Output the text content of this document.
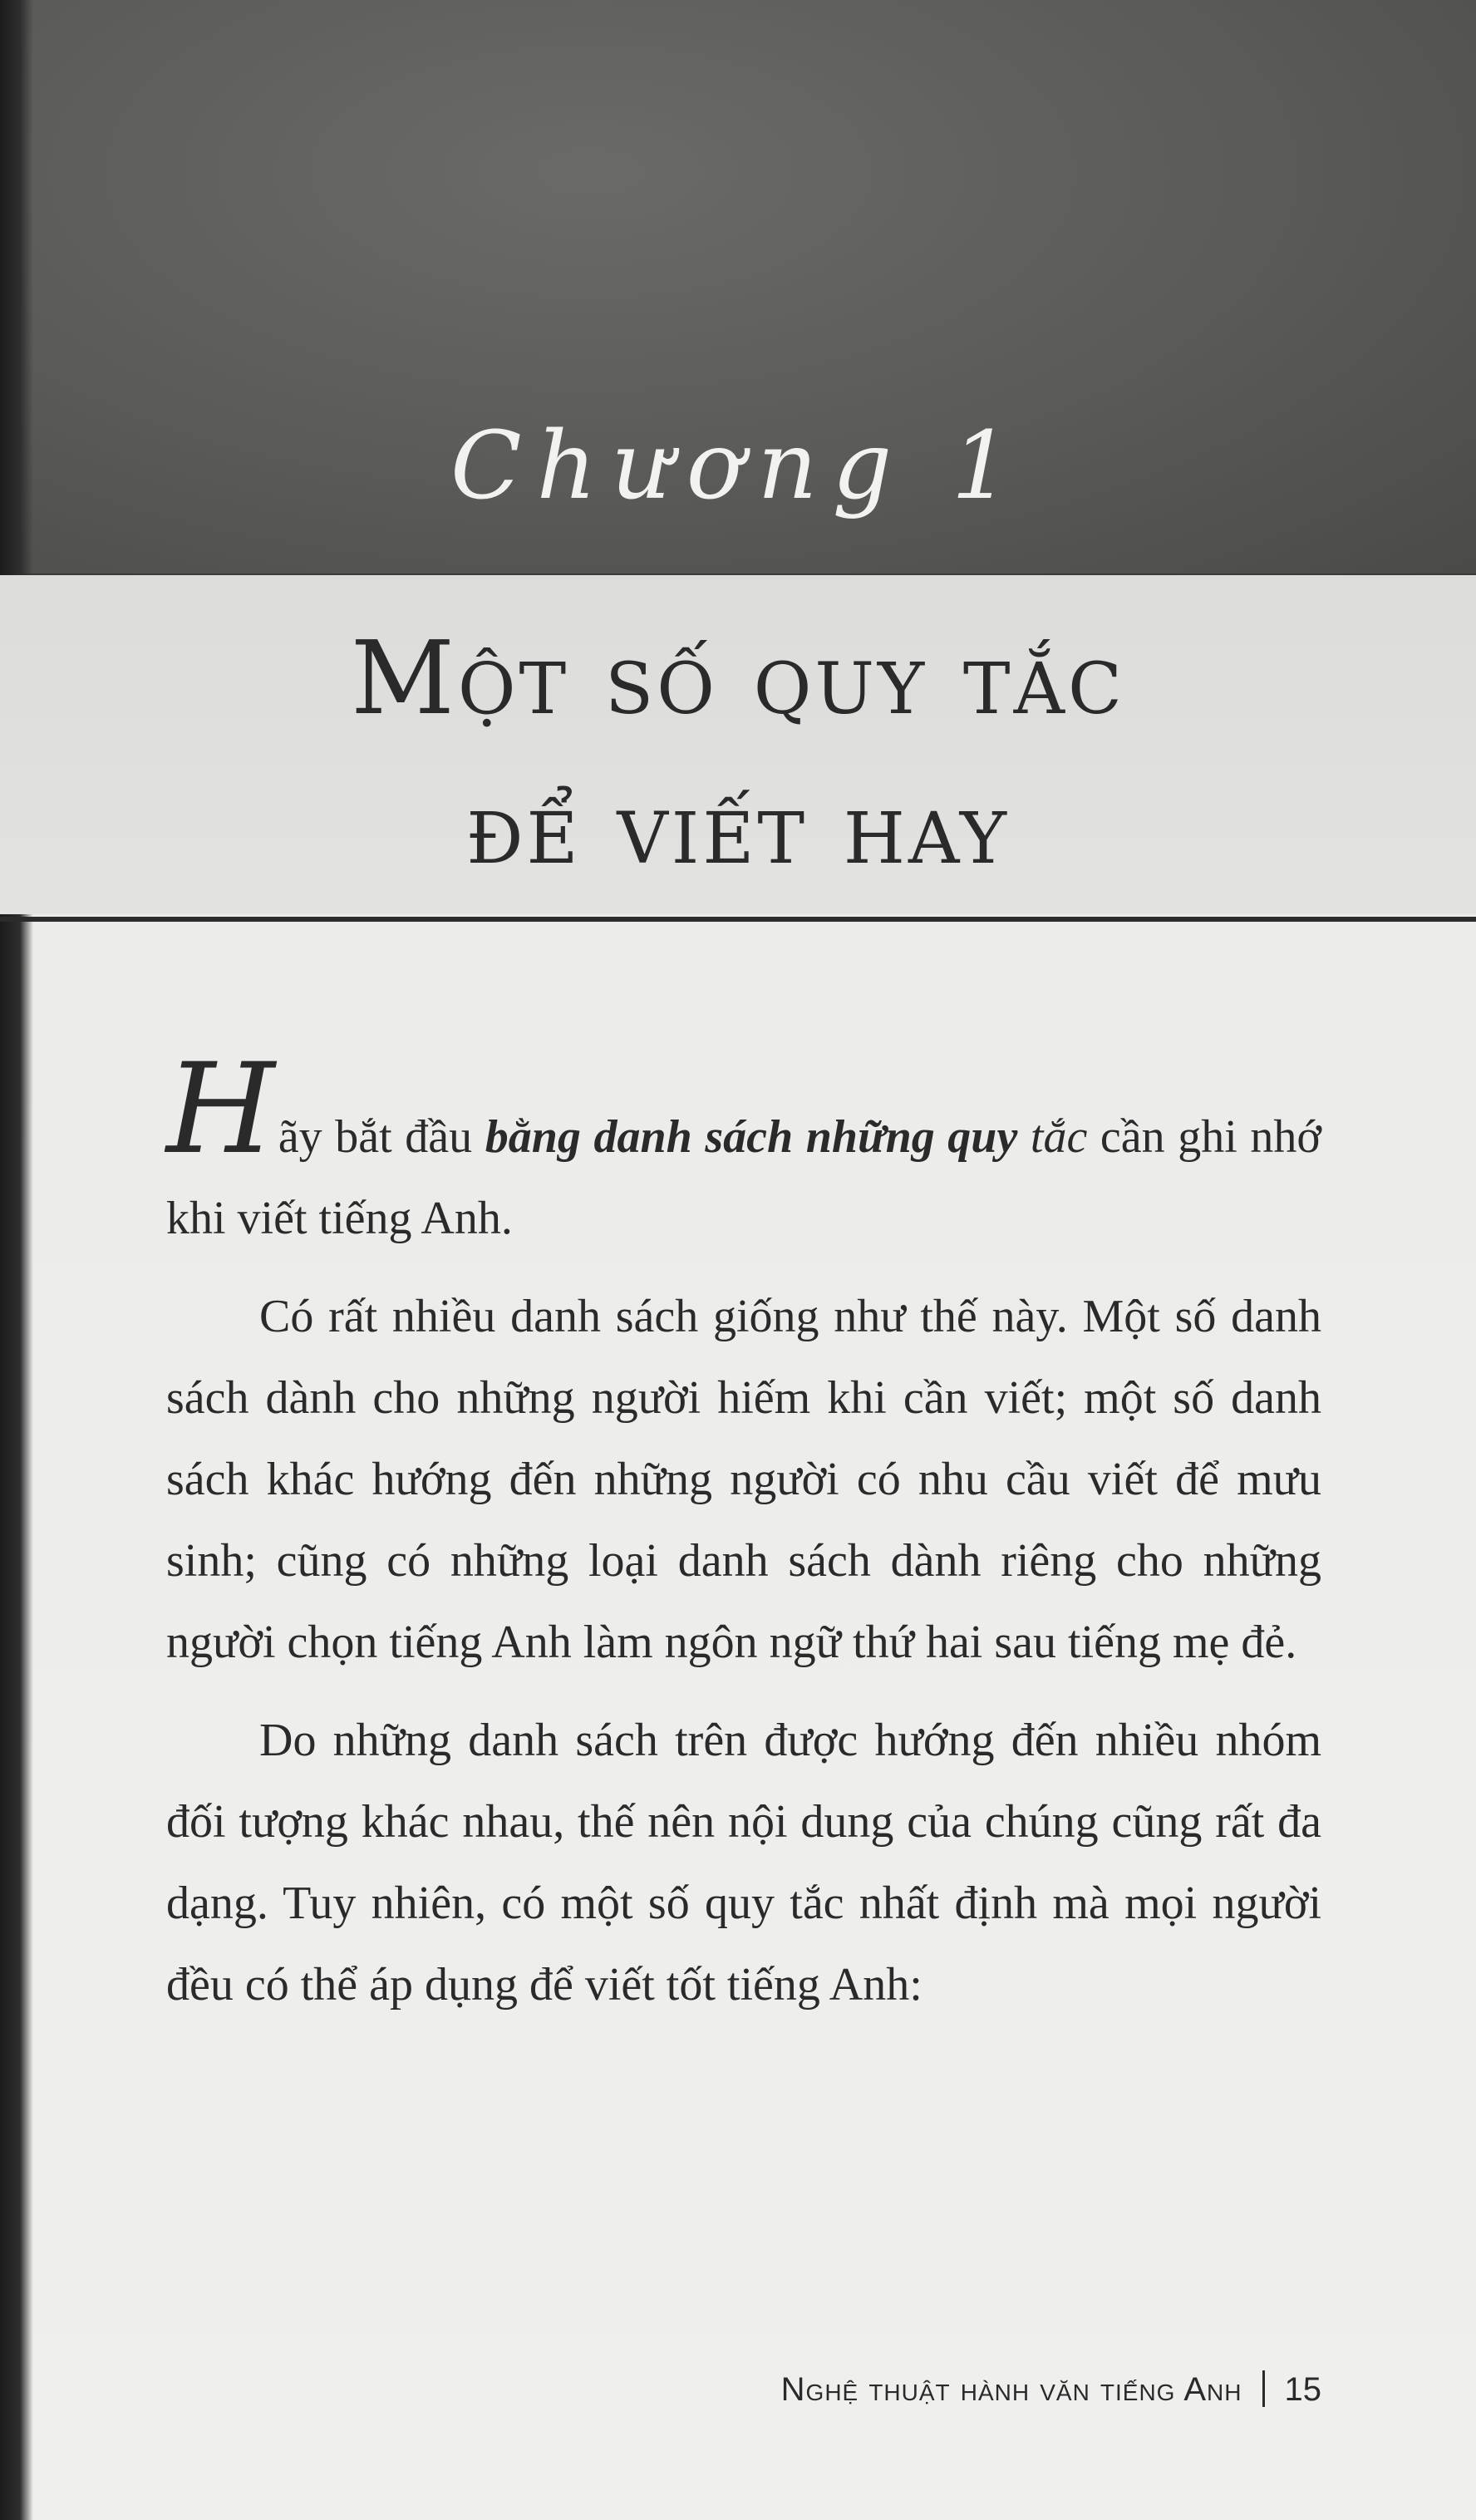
Chương 1
Một số quy tắc
để viết hay

Hãy bắt đầu bằng danh sách những quy tắc cần ghi nhớ khi viết tiếng Anh.

Có rất nhiều danh sách giống như thế này. Một số danh sách dành cho những người hiếm khi cần viết; một số danh sách khác hướng đến những người có nhu cầu viết để mưu sinh; cũng có những loại danh sách dành riêng cho những người chọn tiếng Anh làm ngôn ngữ thứ hai sau tiếng mẹ đẻ.

Do những danh sách trên được hướng đến nhiều nhóm đối tượng khác nhau, thế nên nội dung của chúng cũng rất đa dạng. Tuy nhiên, có một số quy tắc nhất định mà mọi người đều có thể áp dụng để viết tốt tiếng Anh:

Nghệ thuật hành văn tiếng Anh 15
